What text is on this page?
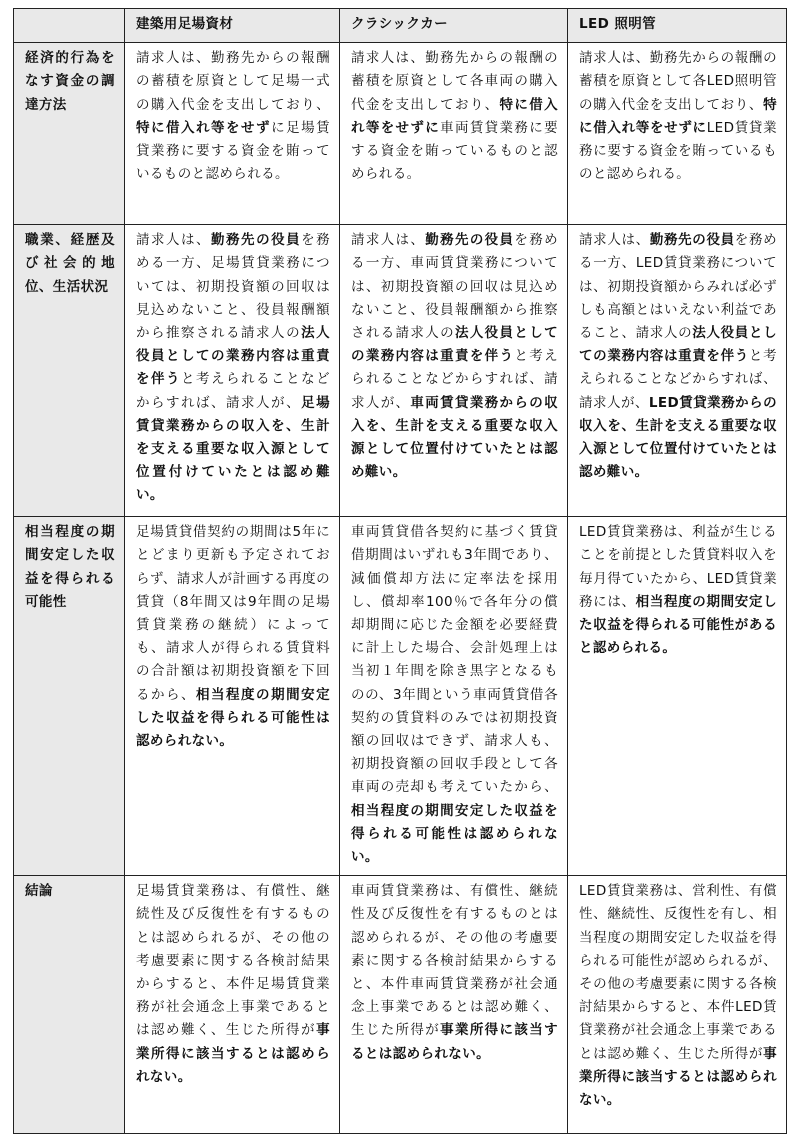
	建築用足場資材	クラシックカー	LED 照明管
経済的行為をなす資金の調達方法	請求人は、勤務先からの報酬の蓄積を原資として足場一式の購入代金を支出しており、特に借入れ等をせずに足場賃貸業務に要する資金を賄っているものと認められる。	請求人は、勤務先からの報酬の蓄積を原資として各車両の購入代金を支出しており、特に借入れ等をせずに車両賃貸業務に要する資金を賄っているものと認められる。	請求人は、勤務先からの報酬の蓄積を原資として各LED照明管の購入代金を支出しており、特に借入れ等をせずにLED賃貸業務に要する資金を賄っているものと認められる。
職業、経歴及び社会的地位、生活状況	請求人は、勤務先の役員を務める一方、足場賃貸業務については、初期投資額の回収は見込めないこと、役員報酬額から推察される請求人の法人役員としての業務内容は重責を伴うと考えられることなどからすれば、請求人が、足場賃貸業務からの収入を、生計を支える重要な収入源として位置付けていたとは認め難い。	請求人は、勤務先の役員を務める一方、車両賃貸業務については、初期投資額の回収は見込めないこと、役員報酬額から推察される請求人の法人役員としての業務内容は重責を伴うと考えられることなどからすれば、請求人が、車両賃貸業務からの収入を、生計を支える重要な収入源として位置付けていたとは認め難い。	請求人は、勤務先の役員を務める一方、LED賃貸業務については、初期投資額からみれば必ずしも高額とはいえない利益であること、請求人の法人役員としての業務内容は重責を伴うと考えられることなどからすれば、請求人が、LED賃貸業務からの収入を、生計を支える重要な収入源として位置付けていたとは認め難い。
相当程度の期間安定した収益を得られる可能性	足場賃貸借契約の期間は5年にとどまり更新も予定されておらず、請求人が計画する再度の賃貸（8年間又は9年間の足場賃貸業務の継続）によっても、請求人が得られる賃貸料の合計額は初期投資額を下回るから、相当程度の期間安定した収益を得られる可能性は認められない。	車両賃貸借各契約に基づく賃貸借期間はいずれも3年間であり、減価償却方法に定率法を採用し、償却率100％で各年分の償却期間に応じた金額を必要経費に計上した場合、会計処理上は当初１年間を除き黒字となるものの、3年間という車両賃貸借各契約の賃貸料のみでは初期投資額の回収はできず、請求人も、初期投資額の回収手段として各車両の売却も考えていたから、相当程度の期間安定した収益を得られる可能性は認められない。	LED賃貸業務は、利益が生じることを前提とした賃貸料収入を毎月得ていたから、LED賃貸業務には、相当程度の期間安定した収益を得られる可能性があると認められる。
結論	足場賃貸業務は、有償性、継続性及び反復性を有するものとは認められるが、その他の考慮要素に関する各検討結果からすると、本件足場賃貸業務が社会通念上事業であるとは認め難く、生じた所得が事業所得に該当するとは認められない。	車両賃貸業務は、有償性、継続性及び反復性を有するものとは認められるが、その他の考慮要素に関する各検討結果からすると、本件車両賃貸業務が社会通念上事業であるとは認め難く、生じた所得が事業所得に該当するとは認められない。	LED賃貸業務は、営利性、有償性、継続性、反復性を有し、相当程度の期間安定した収益を得られる可能性が認められるが、その他の考慮要素に関する各検討結果からすると、本件LED賃貸業務が社会通念上事業であるとは認め難く、生じた所得が事業所得に該当するとは認められない。
